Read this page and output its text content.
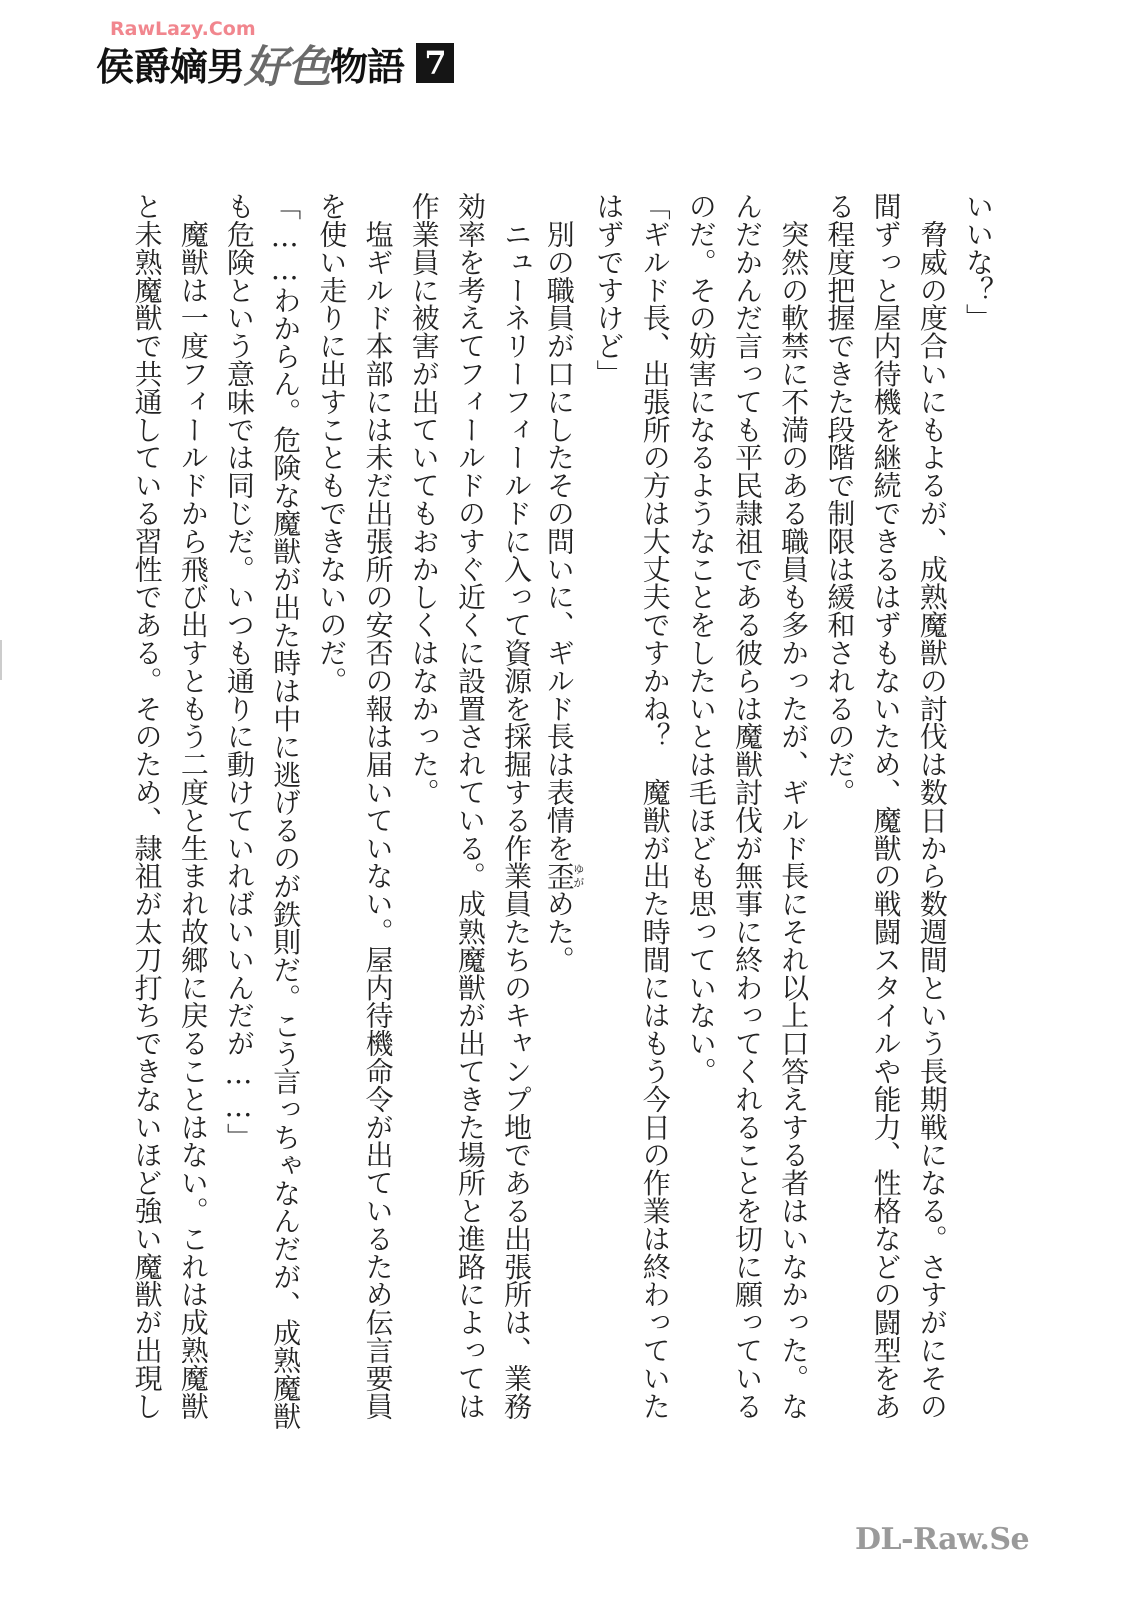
RawLazy.Com
侯爵嫡男 好色 物語 7
いいな？」
　脅威の度合いにもよるが、成熟魔獣の討伐は数日から数週間という長期戦になる。さすがにその
間ずっと屋内待機を継続できるはずもないため、魔獣の戦闘スタイルや能力、性格などの闘型をあ
る程度把握できた段階で制限は緩和されるのだ。
　突然の軟禁に不満のある職員も多かったが、ギルド長にそれ以上口答えする者はいなかった。な
んだかんだ言っても平民隷祖である彼らは魔獣討伐が無事に終わってくれることを切に願っている
のだ。その妨害になるようなことをしたいとは毛ほども思っていない。
「ギルド長、出張所の方は大丈夫ですかね？　魔獣が出た時間にはもう今日の作業は終わっていた
はずですけど」
　別の職員が口にしたその問いに、ギルド長は表情を歪ゆがめた。
　ニューネリーフィールドに入って資源を採掘する作業員たちのキャンプ地である出張所は、業務
効率を考えてフィールドのすぐ近くに設置されている。成熟魔獣が出てきた場所と進路によっては
作業員に被害が出ていてもおかしくはなかった。
　塩ギルド本部には未だ出張所の安否の報は届いていない。屋内待機命令が出ているため伝言要員
を使い走りに出すこともできないのだ。
「……わからん。危険な魔獣が出た時は中に逃げるのが鉄則だ。こう言っちゃなんだが、成熟魔獣
も危険という意味では同じだ。いつも通りに動けていればいいんだが……」
　魔獣は一度フィールドから飛び出すともう二度と生まれ故郷に戻ることはない。これは成熟魔獣
と未熟魔獣で共通している習性である。そのため、隷祖が太刀打ちできないほど強い魔獣が出現し
DL-Raw.Se
